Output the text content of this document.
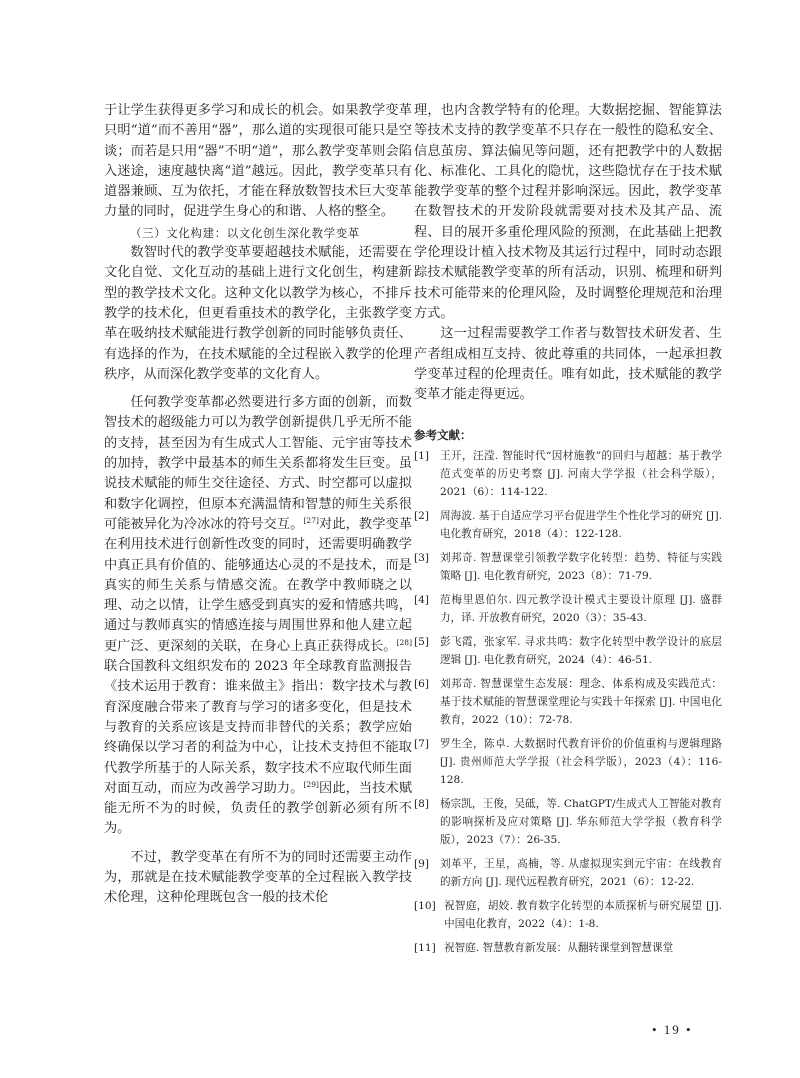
于让学生获得更多学习和成长的机会。如果教学变革只明“道”而不善用“器”，那么道的实现很可能只是空谈；而若是只用“器”不明“道”，那么教学变革则会陷入迷途，速度越快离“道”越远。因此，教学变革只有道器兼顾、互为依托，才能在释放数智技术巨大变革力量的同时，促进学生身心的和谐、人格的整全。

（三）文化构建：以文化创生深化教学变革

数智时代的教学变革要超越技术赋能，还需要在文化自觉、文化互动的基础上进行文化创生，构建新型的教学技术文化。这种文化以教学为核心，不排斥教学的技术化，但更看重技术的教学化，主张教学变革在吸纳技术赋能进行教学创新的同时能够负责任、有选择的作为，在技术赋能的全过程嵌入教学的伦理秩序，从而深化教学变革的文化育人。

任何教学变革都必然要进行多方面的创新，而数智技术的超级能力可以为教学创新提供几乎无所不能的支持，甚至因为有生成式人工智能、元宇宙等技术的加持，教学中最基本的师生关系都将发生巨变。虽说技术赋能的师生交往途径、方式、时空都可以虚拟和数字化调控，但原本充满温情和智慧的师生关系很可能被异化为冷冰冰的符号交互。[27]对此，教学变革在利用技术进行创新性改变的同时，还需要明确教学中真正具有价值的、能够通达心灵的不是技术，而是真实的师生关系与情感交流。在教学中教师晓之以理、动之以情，让学生感受到真实的爱和情感共鸣，通过与教师真实的情感连接与周围世界和他人建立起更广泛、更深刻的关联，在身心上真正获得成长。[28]联合国教科文组织发布的 2023 年全球教育监测报告《技术运用于教育：谁来做主》指出：数字技术与教育深度融合带来了教育与学习的诸多变化，但是技术与教育的关系应该是支持而非替代的关系；教学应始终确保以学习者的利益为中心，让技术支持但不能取代教学所基于的人际关系，数字技术不应取代师生面对面互动，而应为改善学习助力。[29]因此，当技术赋能无所不为的时候，负责任的教学创新必须有所不为。

不过，教学变革在有所不为的同时还需要主动作为，那就是在技术赋能教学变革的全过程嵌入教学技术伦理，这种伦理既包含一般的技术伦

理，也内含教学特有的伦理。大数据挖掘、智能算法等技术支持的教学变革不只存在一般性的隐私安全、信息茧房、算法偏见等问题，还有把教学中的人数据化、标准化、工具化的隐忧，这些隐忧存在于技术赋能教学变革的整个过程并影响深远。因此，教学变革在数智技术的开发阶段就需要对技术及其产品、流程、目的展开多重伦理风险的预测，在此基础上把教学伦理设计植入技术物及其运行过程中，同时动态跟踪技术赋能教学变革的所有活动，识别、梳理和研判技术可能带来的伦理风险，及时调整伦理规范和治理方式。

这一过程需要教学工作者与数智技术研发者、生产者组成相互支持、彼此尊重的共同体，一起承担教学变革过程的伦理责任。唯有如此，技术赋能的教学变革才能走得更远。

参考文献：
[1]	王开，汪滢. 智能时代“因材施教”的回归与超越：基于教学范式变革的历史考察 [J]. 河南大学学报（社会科学版），2021（6）：114-122.
[2]	周海波. 基于自适应学习平台促进学生个性化学习的研究 [J]. 电化教育研究，2018（4）：122-128.
[3]	刘邦奇. 智慧课堂引领教学数字化转型：趋势、特征与实践策略 [J]. 电化教育研究，2023（8）：71-79.
[4]	范梅里恩伯尔. 四元教学设计模式主要设计原理 [J]. 盛群力，译. 开放教育研究，2020（3）：35-43.
[5]	彭飞霞，张家军. 寻求共鸣：数字化转型中教学设计的底层逻辑 [J]. 电化教育研究，2024（4）：46-51.
[6]	刘邦奇. 智慧课堂生态发展：理念、体系构成及实践范式：基于技术赋能的智慧课堂理论与实践十年探索 [J]. 中国电化教育，2022（10）：72-78.
[7]	罗生全，陈卓. 大数据时代教育评价的价值重构与逻辑理路 [J]. 贵州师范大学学报（社会科学版），2023（4）：116-128.
[8]	杨宗凯，王俊，吴砥，等. ChatGPT/生成式人工智能对教育的影响探析及应对策略 [J]. 华东师范大学学报（教育科学版），2023（7）：26-35.
[9]	刘革平，王星，高楠，等. 从虚拟现实到元宇宙：在线教育的新方向 [J]. 现代远程教育研究，2021（6）：12-22.
[10] 祝智庭，胡姣. 教育数字化转型的本质探析与研究展望 [J]. 中国电化教育，2022（4）：1-8.
[11] 祝智庭. 智慧教育新发展：从翻转课堂到智慧课堂
• 19 •
